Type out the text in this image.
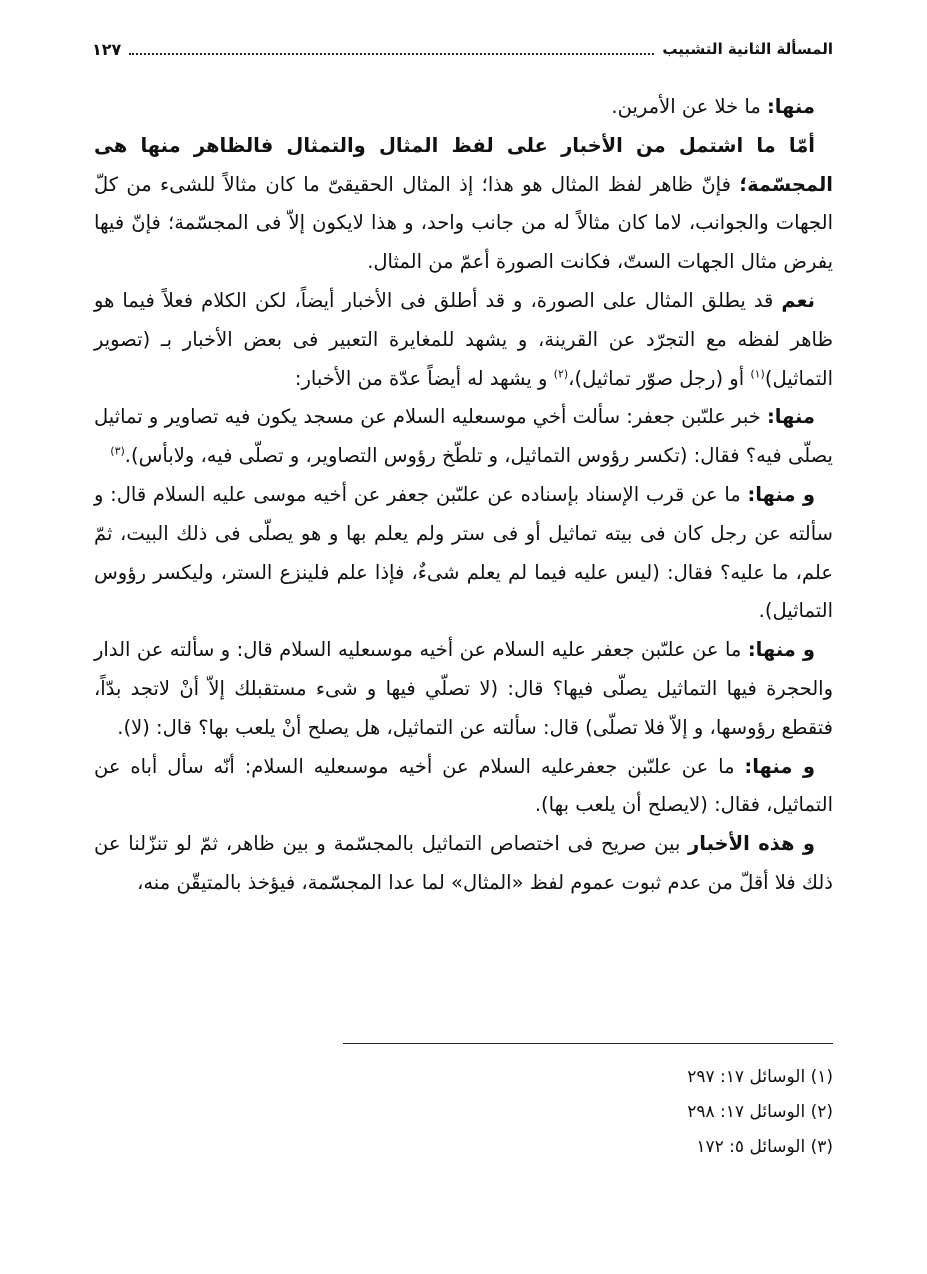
المسألة الثانية التشبيب
١٢٧

منها: ما خلا عن الأمرين.

أمّا ما اشتمل من الأخبار على لفظ المثال والتمثال فالظاهر منها هى المجسّمة؛ فإنّ ظاهر لفظ المثال هو هذا؛ إذ المثال الحقيقىّ ما كان مثالاً للشىء من كلّ الجهات والجوانب، لاما كان مثالاً له من جانب واحد، و هذا لايكون إلاّ فى المجسّمة؛ فإنّ فيها يفرض مثال الجهات الستّ، فكانت الصورة أعمّ من المثال.

نعم قد يطلق المثال على الصورة، و قد أطلق فى الأخبار أيضاً، لكن الكلام فعلاً فيما هو ظاهر لفظه مع التجرّد عن القرينة، و يشهد للمغايرة التعبير فى بعض الأخبار بـ (تصوير التماثيل)$^{(١)}$ أو (رجل صوّر تماثيل)،$^{(٢)}$ و يشهد له أيضاً عدّة من الأخبار:

منها: خبر علىّبن جعفر: سألت أخي موسىعليه السلام عن مسجد يكون فيه تصاوير و تماثيل يصلّى فيه؟ فقال: (تكسر رؤوس التماثيل، و تلطّخ رؤوس التصاوير، و تصلّى فيه، ولابأس).$^{(٣)}$

و منها: ما عن قرب الإسناد بإسناده عن علىّبن جعفر عن أخيه موسى عليه السلام قال: و سألته عن رجل كان فى بيته تماثيل أو فى ستر ولم يعلم بها و هو يصلّى فى ذلك البيت، ثمّ علم، ما عليه؟ فقال: (ليس عليه فيما لم يعلم شىءٌ، فإذا علم فلينزع الستر، وليكسر رؤوس التماثيل).

و منها: ما عن علىّبن جعفر عليه السلام عن أخيه موسىعليه السلام قال: و سألته عن الدار والحجرة فيها التماثيل يصلّى فيها؟ قال: (لا تصلّي فيها و شىء مستقبلك إلاّ أنْ لاتجد بدّاً، فتقطع رؤوسها، و إلاّ فلا تصلّى) قال: سألته عن التماثيل، هل يصلح أنْ يلعب بها؟ قال: (لا).

و منها: ما عن علىّبن جعفرعليه السلام عن أخيه موسىعليه السلام: أنّه سأل أباه عن التماثيل، فقال: (لايصلح أن يلعب بها).

و هذه الأخبار بين صريح فى اختصاص التماثيل بالمجسّمة و بين ظاهر، ثمّ لو تنزّلنا عن ذلك فلا أقلّ من عدم ثبوت عموم لفظ «المثال» لما عدا المجسّمة، فيؤخذ بالمتيقّن منه،

(١) الوسائل ١٧: ٢٩٧
(٢) الوسائل ١٧: ٢٩٨
(٣) الوسائل ٥: ١٧٢
